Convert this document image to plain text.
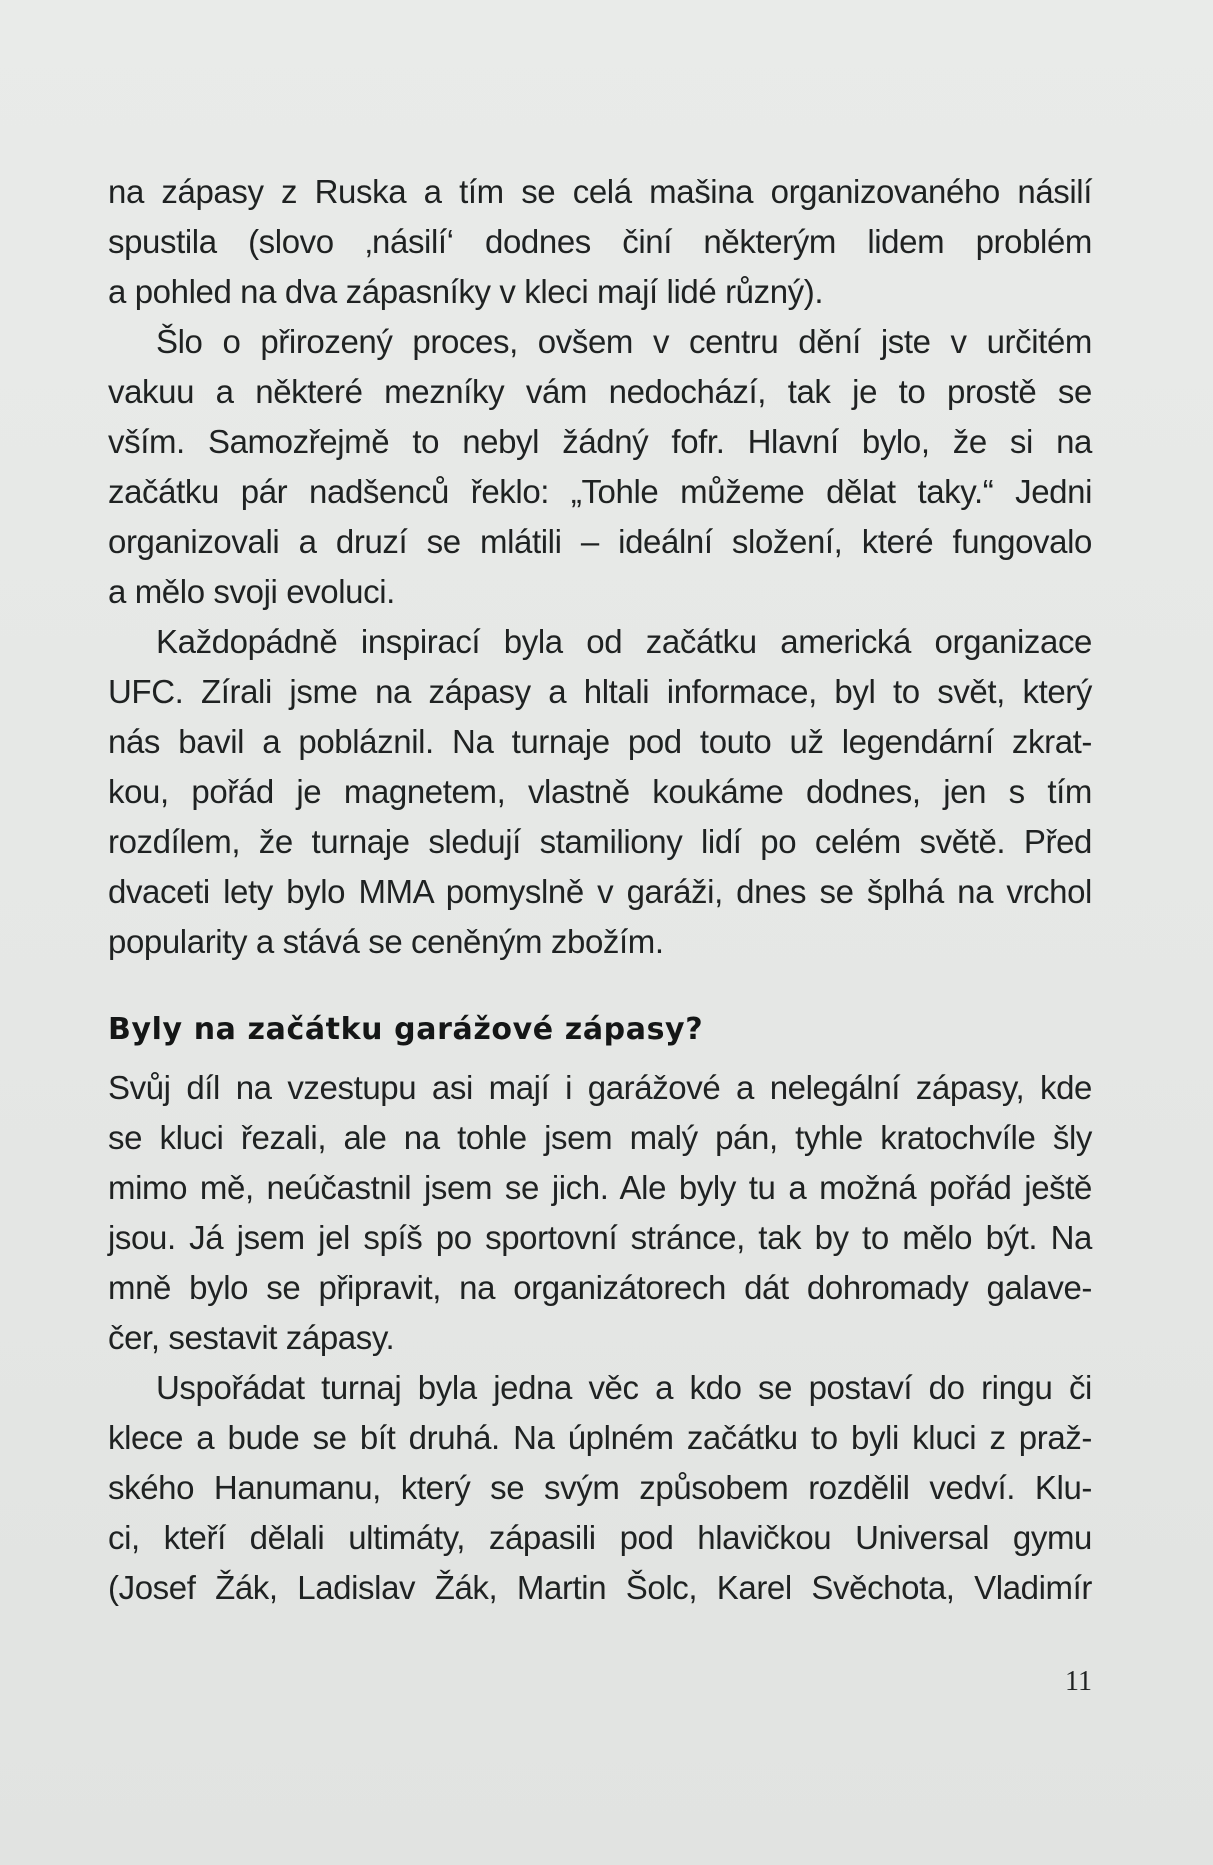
na zápasy z Ruska a tím se celá mašina organizovaného násilí
spustila (slovo ‚násilí‘ dodnes činí některým lidem problém
a pohled na dva zápasníky v kleci mají lidé různý).
Šlo o přirozený proces, ovšem v centru dění jste v určitém
vakuu a některé mezníky vám nedochází, tak je to prostě se
vším. Samozřejmě to nebyl žádný fofr. Hlavní bylo, že si na
začátku pár nadšenců řeklo: „Tohle můžeme dělat taky.“ Jedni
organizovali a druzí se mlátili – ideální složení, které fungovalo
a mělo svoji evoluci.
Každopádně inspirací byla od začátku americká organizace
UFC. Zírali jsme na zápasy a hltali informace, byl to svět, který
nás bavil a pobláznil. Na turnaje pod touto už legendární zkrat-
kou, pořád je magnetem, vlastně koukáme dodnes, jen s tím
rozdílem, že turnaje sledují stamiliony lidí po celém světě. Před
dvaceti lety bylo MMA pomyslně v garáži, dnes se šplhá na vrchol
popularity a stává se ceněným zbožím.
Byly na začátku garážové zápasy?
Svůj díl na vzestupu asi mají i garážové a nelegální zápasy, kde
se kluci řezali, ale na tohle jsem malý pán, tyhle kratochvíle šly
mimo mě, neúčastnil jsem se jich. Ale byly tu a možná pořád ještě
jsou. Já jsem jel spíš po sportovní stránce, tak by to mělo být. Na
mně bylo se připravit, na organizátorech dát dohromady galave-
čer, sestavit zápasy.
Uspořádat turnaj byla jedna věc a kdo se postaví do ringu či
klece a bude se bít druhá. Na úplném začátku to byli kluci z praž-
ského Hanumanu, který se svým způsobem rozdělil vedví. Klu-
ci, kteří dělali ultimáty, zápasili pod hlavičkou Universal gymu
(Josef Žák, Ladislav Žák, Martin Šolc, Karel Svěchota, Vladimír
11
